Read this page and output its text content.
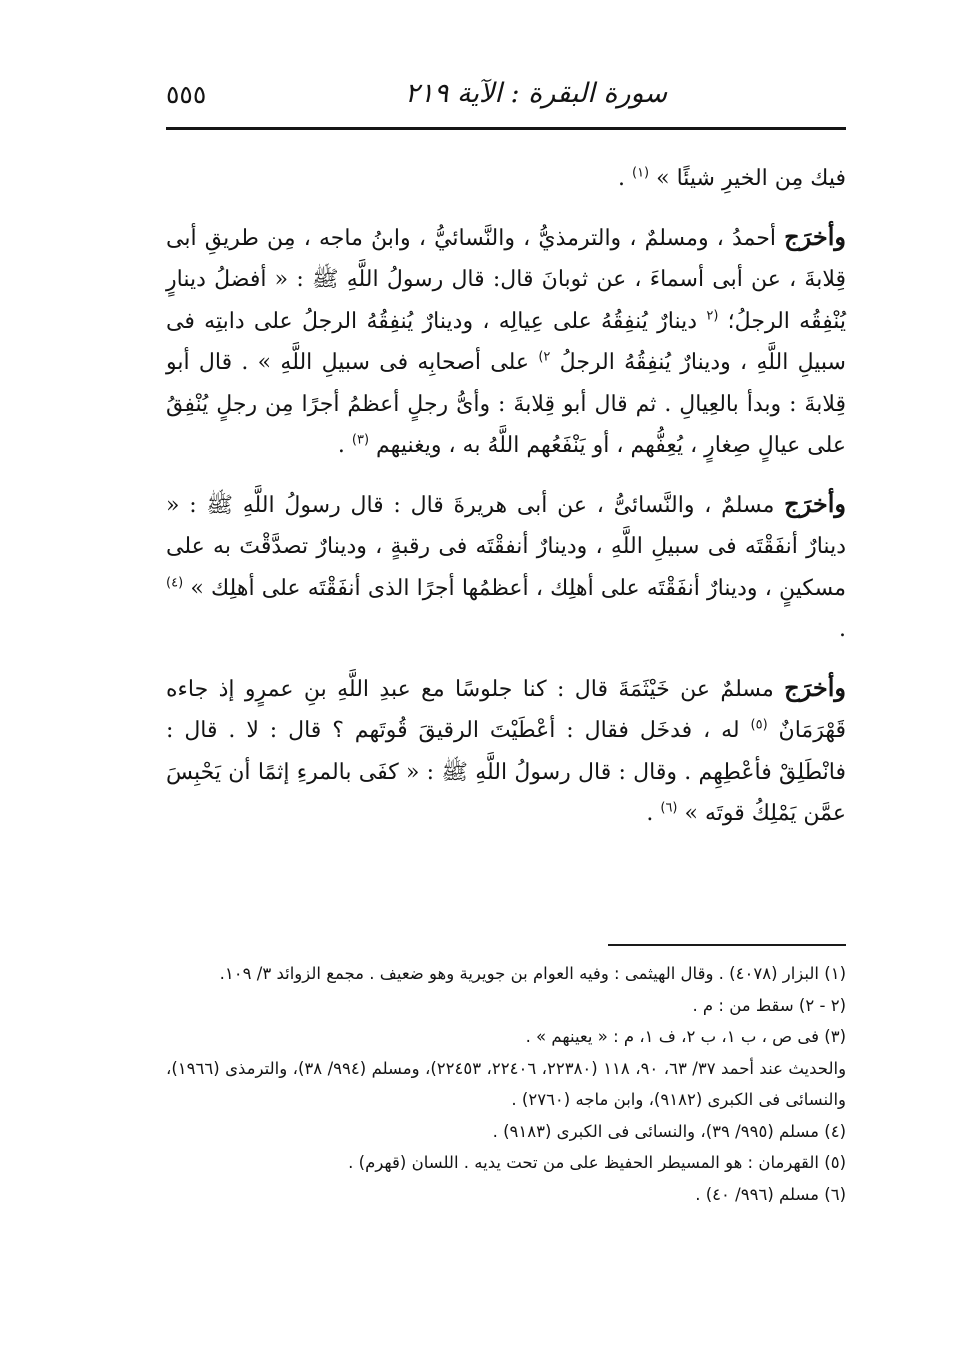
٥٥٥	سورة البقرة : الآية ٢١٩

فيك مِن الخيرِ شيئًا » $^{(١)}$ .

وأخرَج أحمدُ ، ومسلمٌ ، والترمذيُّ ، والنَّسائيُّ ، وابنُ ماجه ، مِن طريقِ أبى قِلابةَ ، عن أبى أسماءَ ، عن ثوبانَ قال: قال رسولُ اللَّهِ ﷺ : « أفضلُ دينارٍ يُنْفِقُه الرجلُ؛ $^{(٢}$ دينارٌ يُنفِقُهُ على عِيالِه ، ودينارٌ يُنفِقُهُ الرجلُ على دابتِه فى سبيلِ اللَّهِ ، ودينارٌ يُنفِقُهُ الرجلُ $^{٢)}$ على أصحابِه فى سبيلِ اللَّهِ » . قال أبو قِلابةَ : وبدأ بالعِيالِ . ثم قال أبو قِلابةَ : وأىُّ رجلٍ أعظمُ أجرًا مِن رجلٍ يُنْفِقُ على عيالٍ صِغارٍ ، يُعِفُّهم ، أو يَنْفَعُهم اللَّهُ به ، ويغنيهم $^{(٣)}$ .

وأخرَج مسلمٌ ، والنَّسائىُّ ، عن أبى هريرةَ قال : قال رسولُ اللَّهِ ﷺ : « دينارٌ أنفَقْتَه فى سبيلِ اللَّهِ ، ودينارٌ أنفقْتَه فى رقبةٍ ، ودينارٌ تصدَّقْتَ به على مسكينٍ ، ودينارٌ أنفَقْتَه على أهلِك ، أعظمُها أجرًا الذى أنفَقْتَه على أهلِك » $^{(٤)}$ .

وأخرَج مسلمٌ عن خَيْثَمَةَ قال : كنا جلوسًا مع عبدِ اللَّهِ بنِ عمرٍو إذ جاءه قَهْرَمَانٌ $^{(٥)}$ له ، فدخَل فقال : أعْطَيْتَ الرقيقَ قُوتَهم ؟ قال : لا . قال : فانْطَلِقْ فأعْطِهِم . وقال : قال رسولُ اللَّهِ ﷺ : « كفَى بالمرءِ إثمًا أن يَحْبِسَ عمَّن يَمْلِكُ قوتَه » $^{(٦)}$ .

(١) البزار (٤٠٧٨) . وقال الهيثمى : وفيه العوام بن جويرية وهو ضعيف . مجمع الزوائد ٣/ ١٠٩.

(٢ - ٢) سقط من : م .

(٣) فى ص ، ب ١، ب ٢، ف ١، م : « يعينهم » .

والحديث عند أحمد ٣٧/ ٦٣، ٩٠، ١١٨ (٢٢٣٨٠، ٢٢٤٠٦، ٢٢٤٥٣)، ومسلم (٩٩٤/ ٣٨)، والترمذى (١٩٦٦)، والنسائى فى الكبرى (٩١٨٢)، وابن ماجه (٢٧٦٠) .

(٤) مسلم (٩٩٥/ ٣٩)، والنسائى فى الكبرى (٩١٨٣) .

(٥) القهرمان : هو المسيطر الحفيظ على من تحت يديه . اللسان (قهرم) .

(٦) مسلم (٩٩٦/ ٤٠) .
